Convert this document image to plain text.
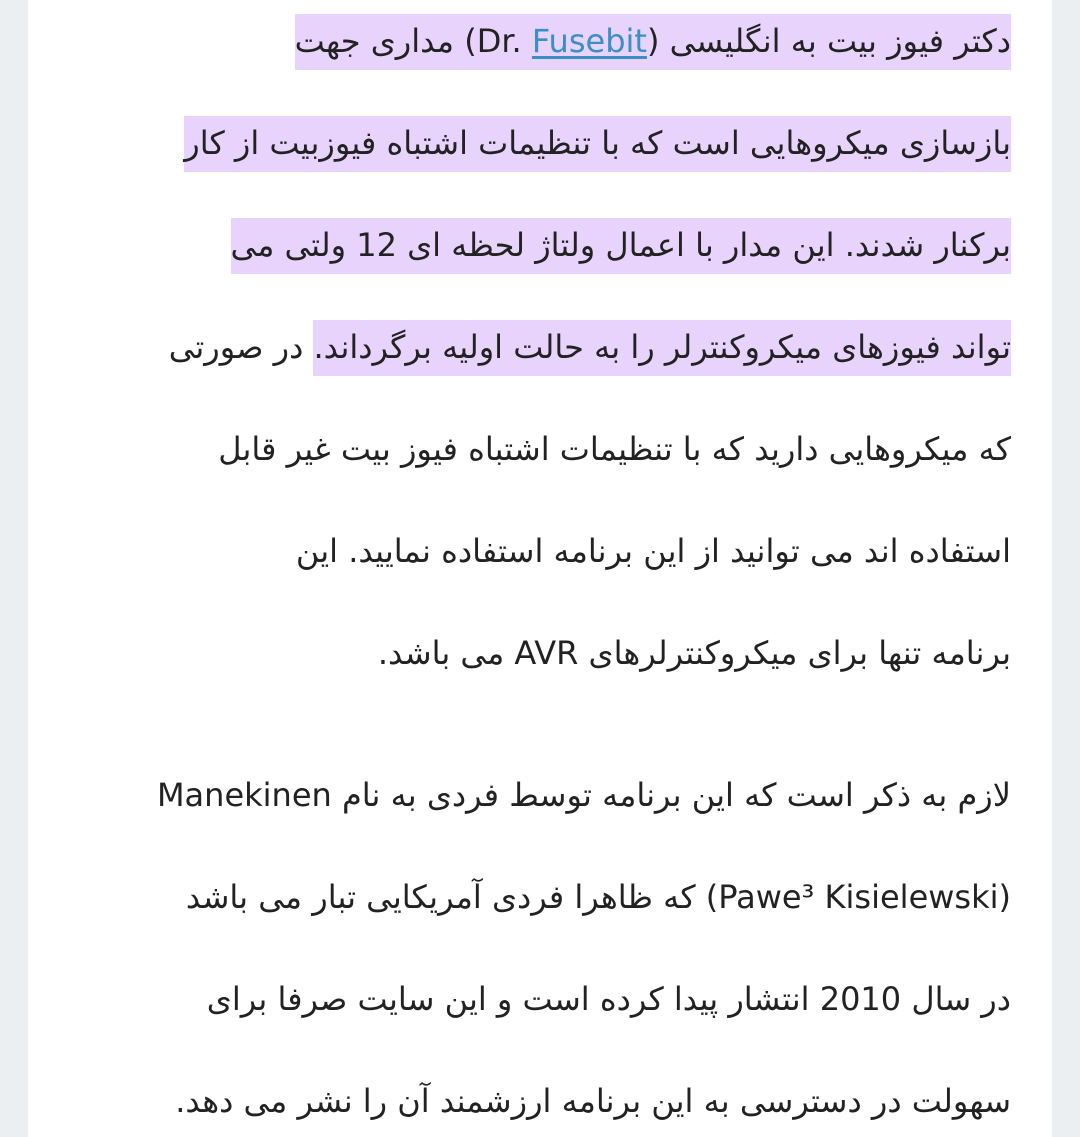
دکتر فیوز بیت به انگلیسی (Dr. Fusebit) مداری جهت
بازسازی میکروهایی است که با تنظیمات اشتباه فیوزبیت از کار
برکنار شدند. این مدار با اعمال ولتاژ لحظه ای 12 ولتی می
تواند فیوزهای میکروکنترلر را به حالت اولیه برگرداند. در صورتی
که میکروهایی دارید که با تنظیمات اشتباه فیوز بیت غیر قابل
استفاده اند می توانید از این برنامه استفاده نمایید. این
برنامه تنها برای میکروکنترلرهای AVR می باشد.
لازم به ذکر است که این برنامه توسط فردی به نام Manekinen
(Pawe³ Kisielewski) که ظاهرا فردی آمریکایی تبار می باشد
در سال 2010 انتشار پیدا کرده است و این سایت صرفا برای
سهولت در دسترسی به این برنامه ارزشمند آن را نشر می دهد.
